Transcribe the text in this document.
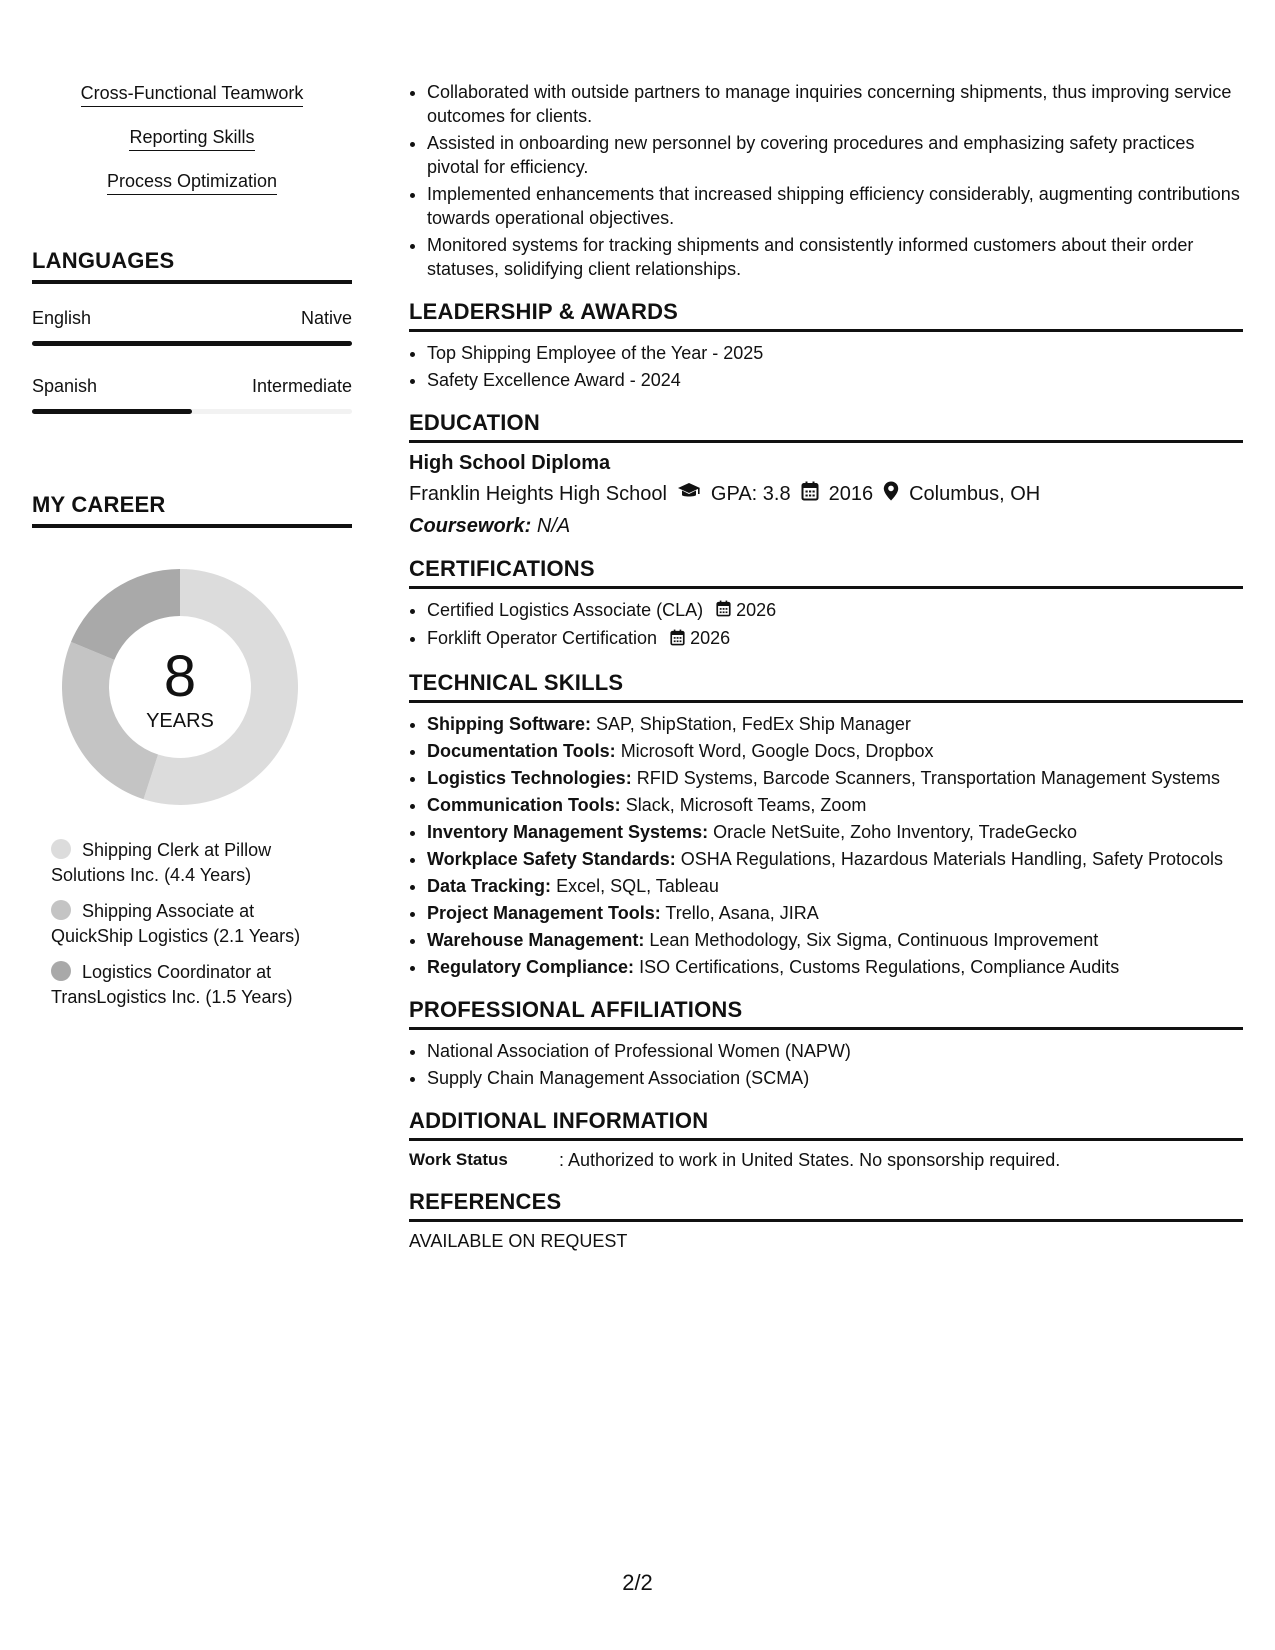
Cross-Functional Teamwork
Reporting Skills
Process Optimization
LANGUAGES
English	Native
Spanish	Intermediate
MY CAREER
8
YEARS
Shipping Clerk at Pillow Solutions Inc. (4.4 Years)
Shipping Associate at QuickShip Logistics (2.1 Years)
Logistics Coordinator at TransLogistics Inc. (1.5 Years)
• Collaborated with outside partners to manage inquiries concerning shipments, thus improving service outcomes for clients.
• Assisted in onboarding new personnel by covering procedures and emphasizing safety practices pivotal for efficiency.
• Implemented enhancements that increased shipping efficiency considerably, augmenting contributions towards operational objectives.
• Monitored systems for tracking shipments and consistently informed customers about their order statuses, solidifying client relationships.
LEADERSHIP & AWARDS
• Top Shipping Employee of the Year - 2025
• Safety Excellence Award - 2024
EDUCATION
High School Diploma
Franklin Heights High School GPA: 3.8 2016 Columbus, OH
Coursework: N/A
CERTIFICATIONS
• Certified Logistics Associate (CLA) 2026
• Forklift Operator Certification 2026
TECHNICAL SKILLS
• Shipping Software: SAP, ShipStation, FedEx Ship Manager
• Documentation Tools: Microsoft Word, Google Docs, Dropbox
• Logistics Technologies: RFID Systems, Barcode Scanners, Transportation Management Systems
• Communication Tools: Slack, Microsoft Teams, Zoom
• Inventory Management Systems: Oracle NetSuite, Zoho Inventory, TradeGecko
• Workplace Safety Standards: OSHA Regulations, Hazardous Materials Handling, Safety Protocols
• Data Tracking: Excel, SQL, Tableau
• Project Management Tools: Trello, Asana, JIRA
• Warehouse Management: Lean Methodology, Six Sigma, Continuous Improvement
• Regulatory Compliance: ISO Certifications, Customs Regulations, Compliance Audits
PROFESSIONAL AFFILIATIONS
• National Association of Professional Women (NAPW)
• Supply Chain Management Association (SCMA)
ADDITIONAL INFORMATION
Work Status	: Authorized to work in United States. No sponsorship required.
REFERENCES
AVAILABLE ON REQUEST
2/2
